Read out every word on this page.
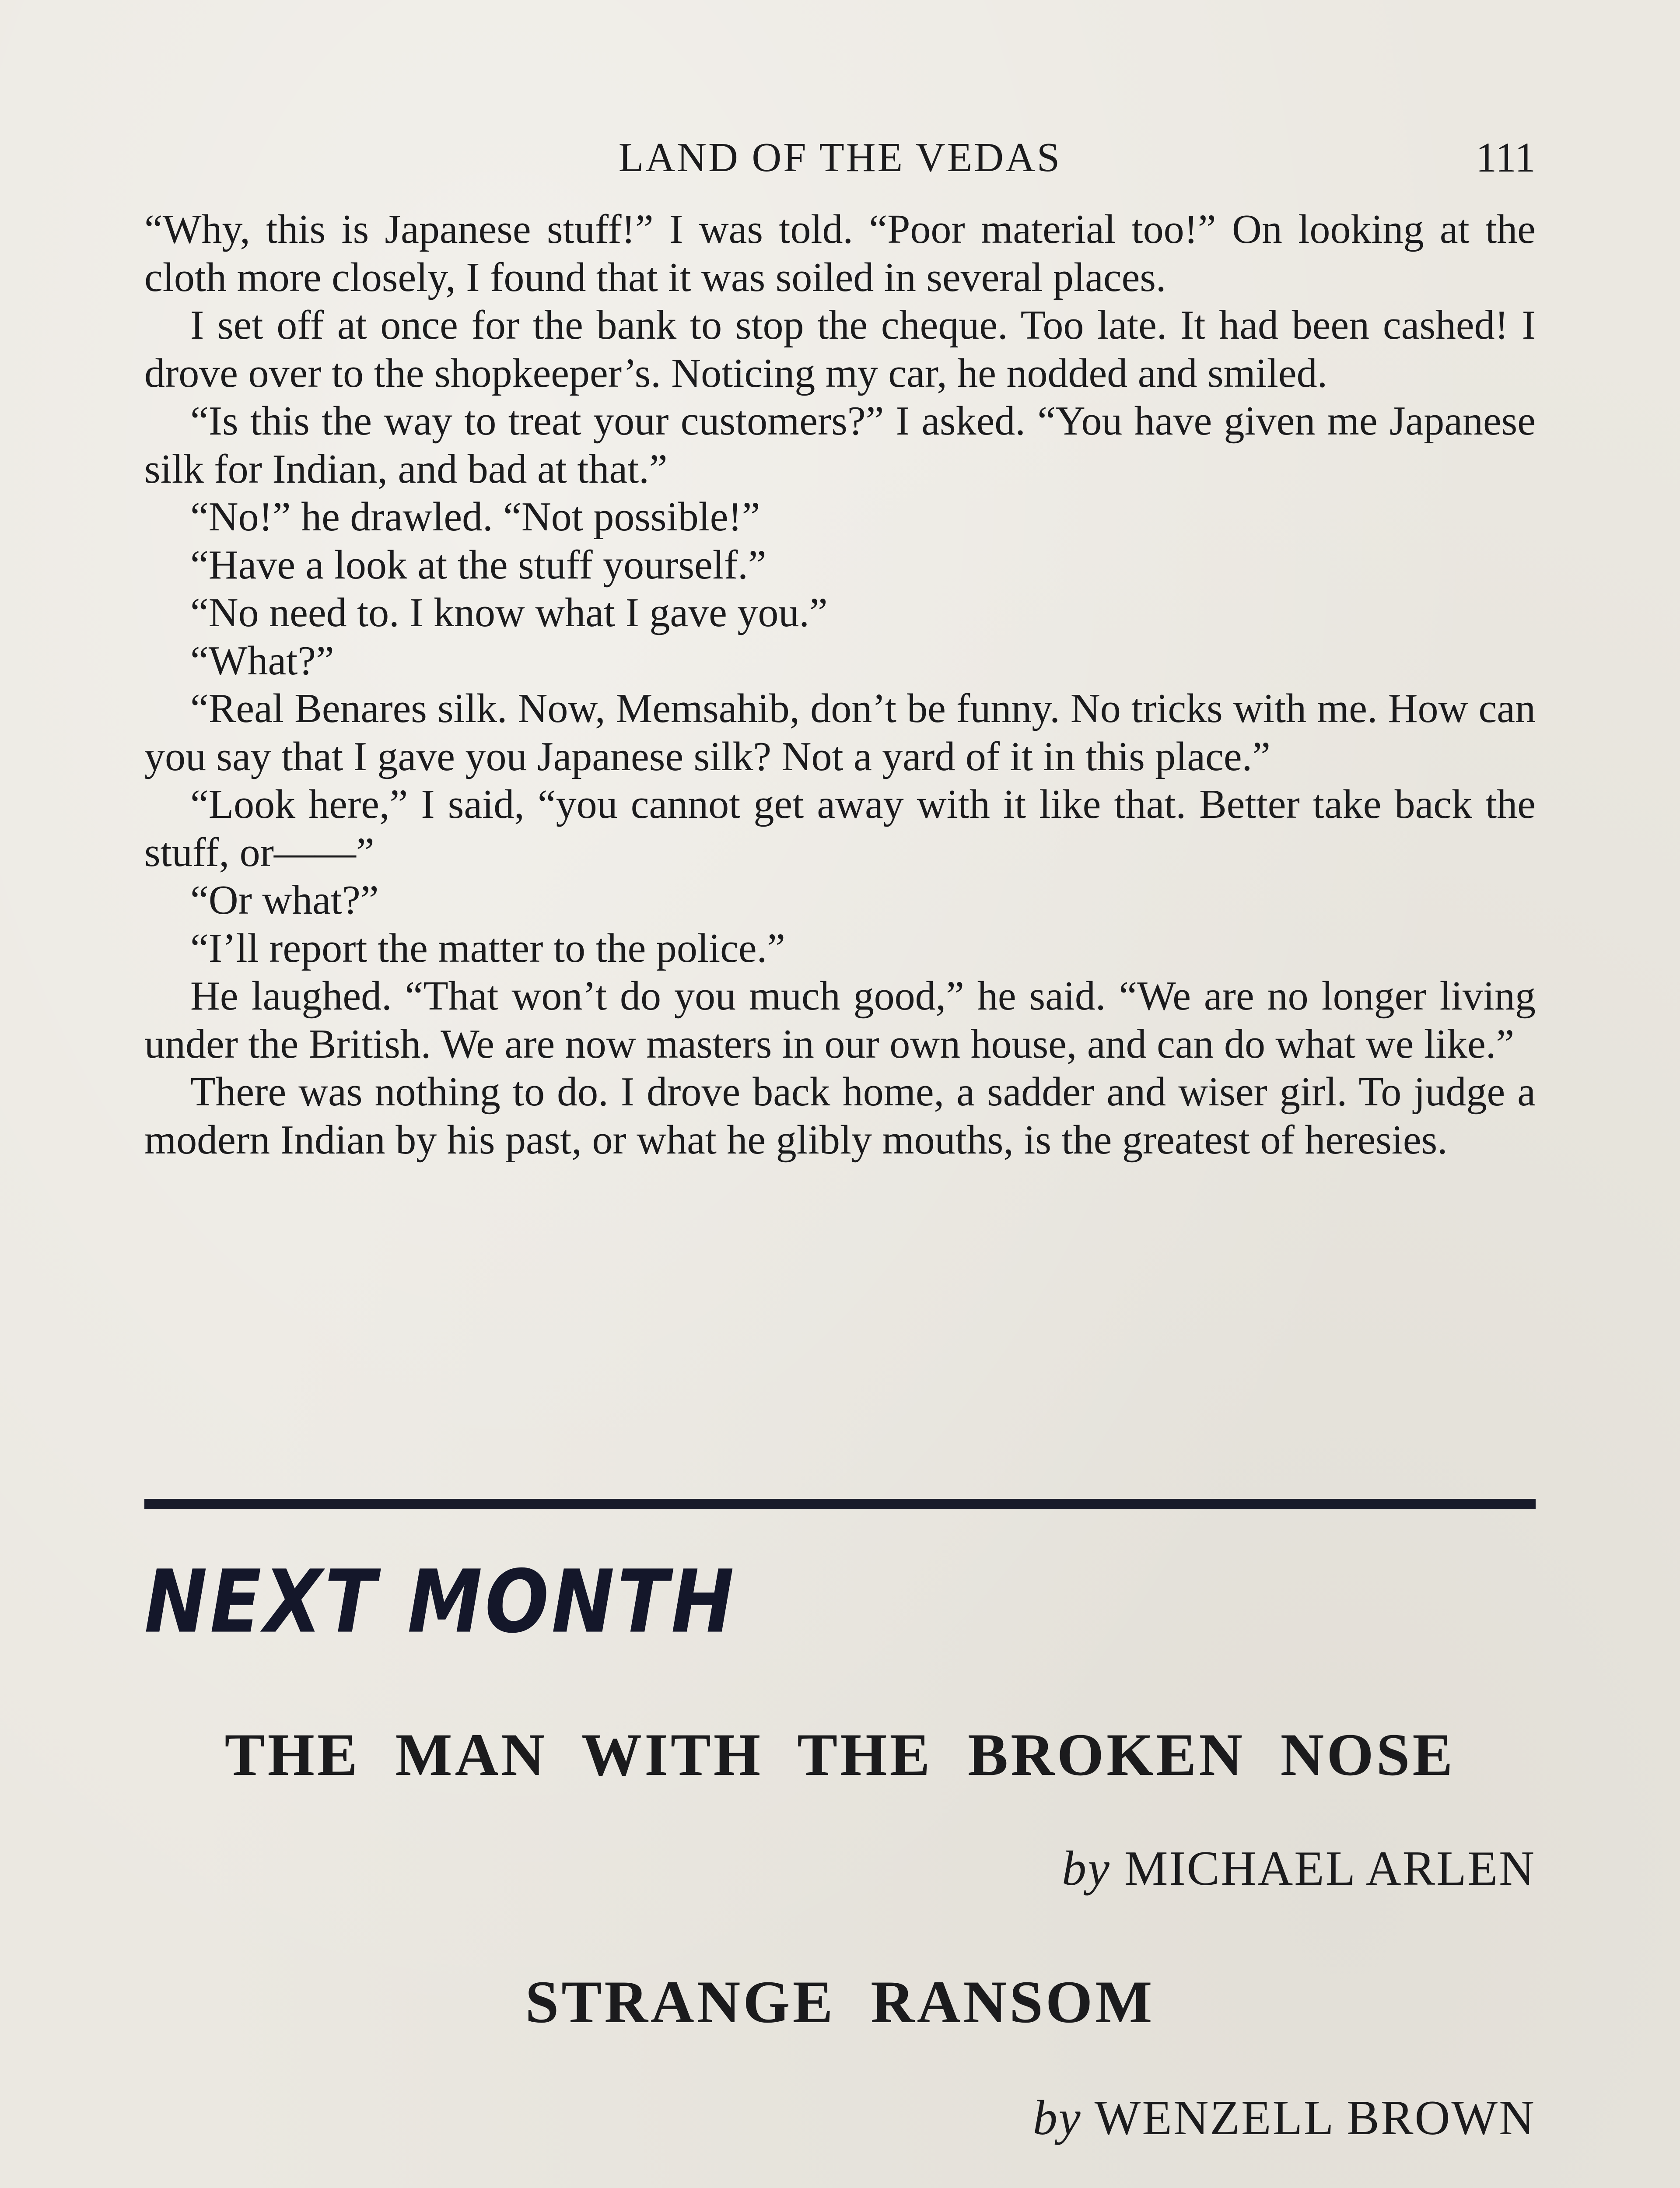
LAND OF THE VEDAS	111

“Why, this is Japanese stuff!” I was told. “Poor material too!” On looking at the cloth more closely, I found that it was soiled in several places.

I set off at once for the bank to stop the cheque. Too late. It had been cashed! I drove over to the shopkeeper’s. Noticing my car, he nodded and smiled.

“Is this the way to treat your customers?” I asked. “You have given me Japanese silk for Indian, and bad at that.”

“No!” he drawled. “Not possible!”

“Have a look at the stuff yourself.”

“No need to. I know what I gave you.”

“What?”

“Real Benares silk. Now, Memsahib, don’t be funny. No tricks with me. How can you say that I gave you Japanese silk? Not a yard of it in this place.”

“Look here,” I said, “you cannot get away with it like that. Better take back the stuff, or——”

“Or what?”

“I’ll report the matter to the police.”

He laughed. “That won’t do you much good,” he said. “We are no longer living under the British. We are now masters in our own house, and can do what we like.”

There was nothing to do. I drove back home, a sadder and wiser girl. To judge a modern Indian by his past, or what he glibly mouths, is the greatest of heresies.

NEXT MONTH
THE MAN WITH THE BROKEN NOSE
by MICHAEL ARLEN
STRANGE RANSOM
by WENZELL BROWN
